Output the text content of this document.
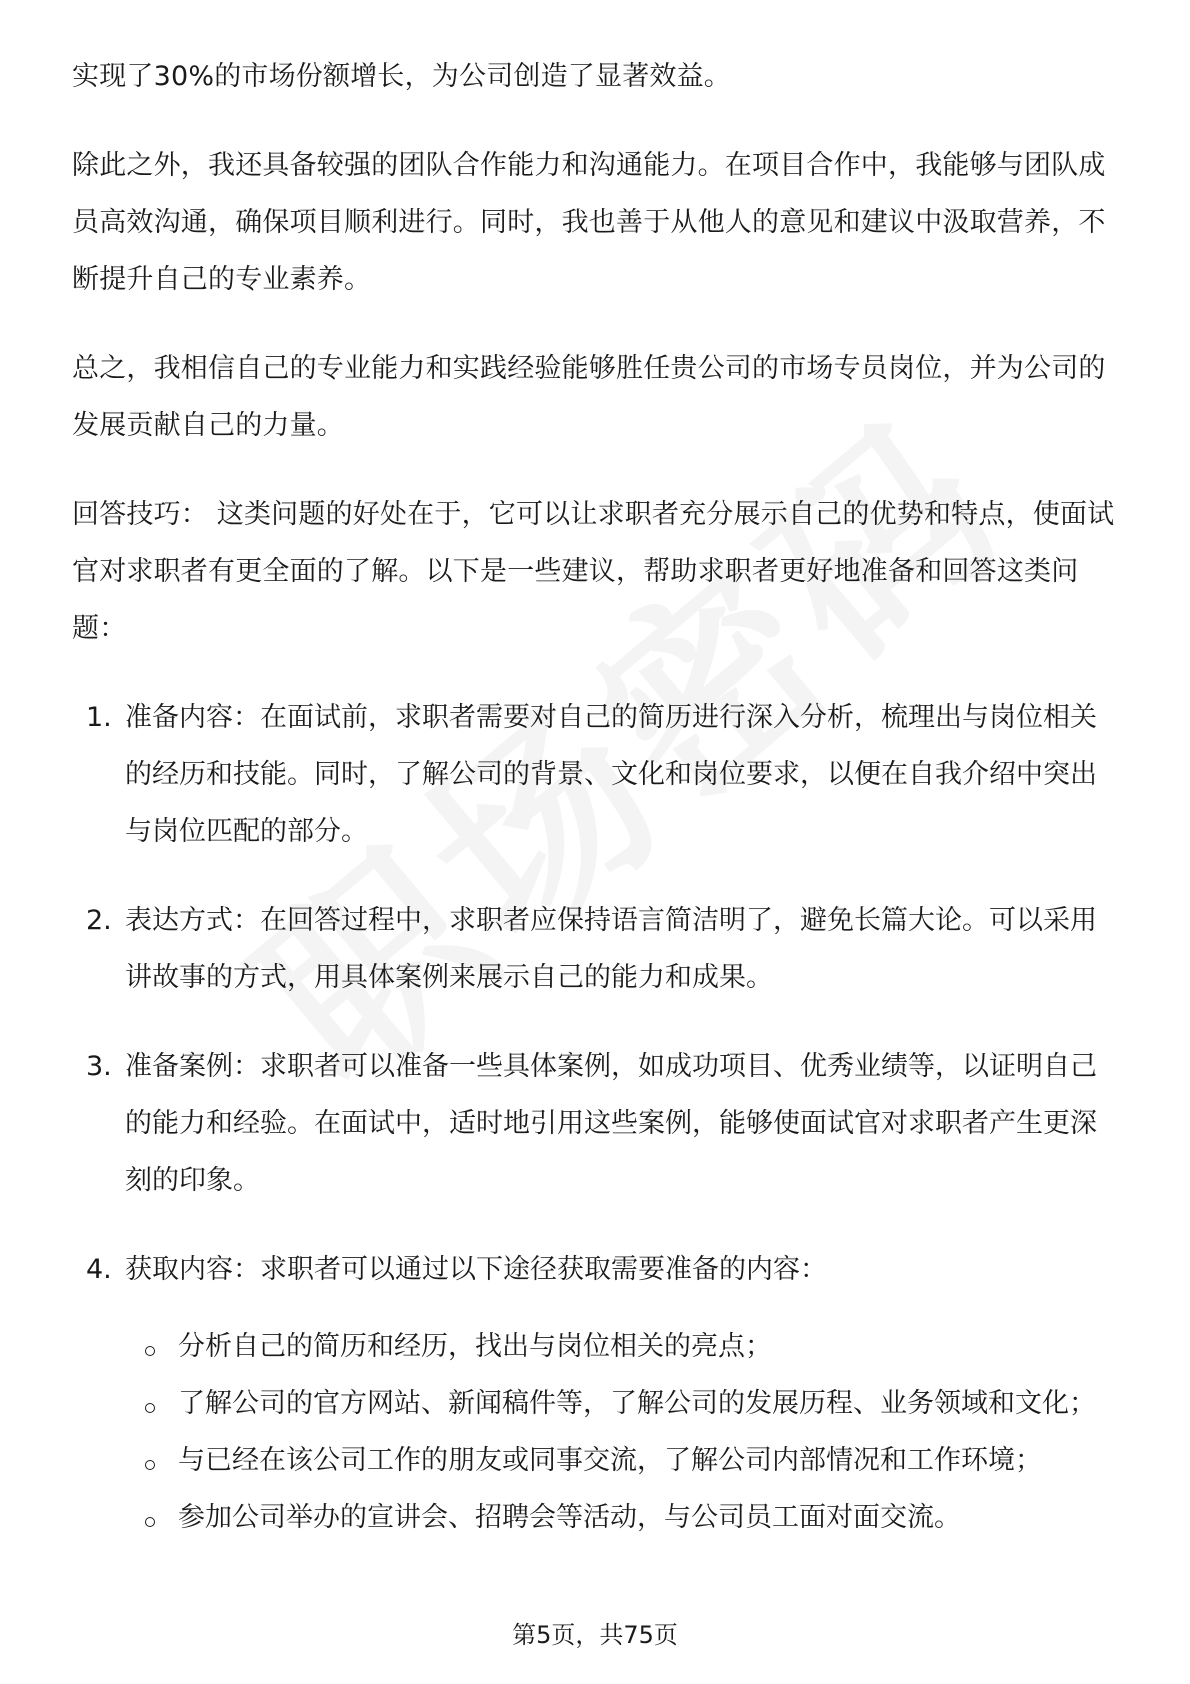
实现了30%的市场份额增长，为公司创造了显著效益。

除此之外，我还具备较强的团队合作能力和沟通能力。在项目合作中，我能够与团队成员高效沟通，确保项目顺利进行。同时，我也善于从他人的意见和建议中汲取营养，不断提升自己的专业素养。

总之，我相信自己的专业能力和实践经验能够胜任贵公司的市场专员岗位，并为公司的发展贡献自己的力量。

回答技巧： 这类问题的好处在于，它可以让求职者充分展示自己的优势和特点，使面试官对求职者有更全面的了解。以下是一些建议，帮助求职者更好地准备和回答这类问题：

1. 准备内容：在面试前，求职者需要对自己的简历进行深入分析，梳理出与岗位相关的经历和技能。同时，了解公司的背景、文化和岗位要求，以便在自我介绍中突出与岗位匹配的部分。
2. 表达方式：在回答过程中，求职者应保持语言简洁明了，避免长篇大论。可以采用讲故事的方式，用具体案例来展示自己的能力和成果。
3. 准备案例：求职者可以准备一些具体案例，如成功项目、优秀业绩等，以证明自己的能力和经验。在面试中，适时地引用这些案例，能够使面试官对求职者产生更深刻的印象。
4. 获取内容：求职者可以通过以下途径获取需要准备的内容：
分析自己的简历和经历，找出与岗位相关的亮点；
了解公司的官方网站、新闻稿件等，了解公司的发展历程、业务领域和文化；
与已经在该公司工作的朋友或同事交流，了解公司内部情况和工作环境；
参加公司举办的宣讲会、招聘会等活动，与公司员工面对面交流。
第5页，共75页
